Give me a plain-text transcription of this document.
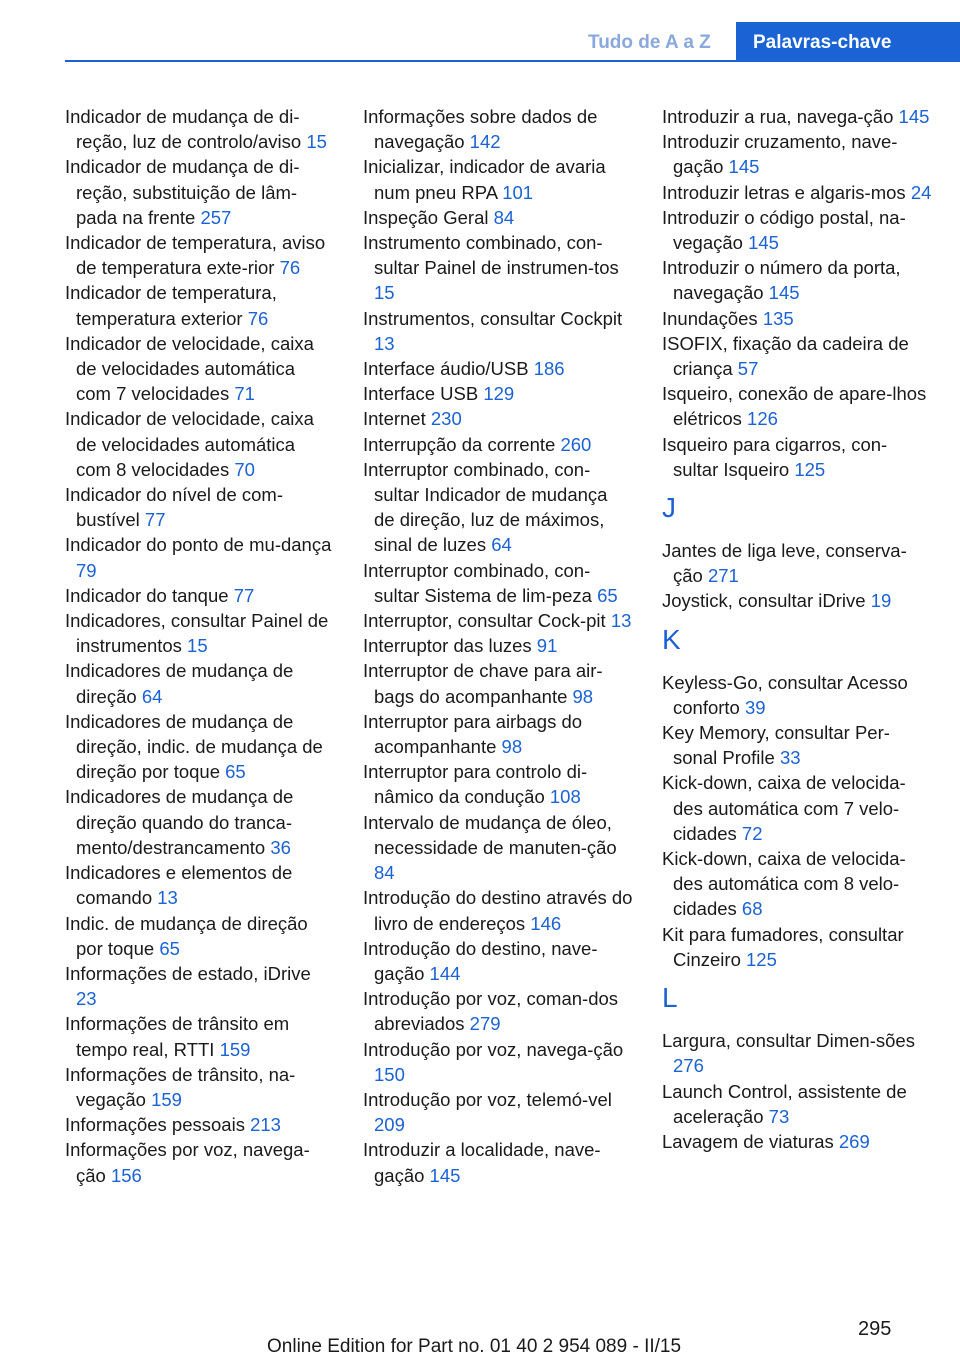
Tudo de A a Z	Palavras-chave
Indicador de mudança de di‐reção, luz de controlo/aviso 15
Indicador de mudança de di‐reção, substituição de lâm‐pada na frente 257
Indicador de temperatura, aviso de temperatura exte‐rior 76
Indicador de temperatura, temperatura exterior 76
Indicador de velocidade, caixa de velocidades automática com 7 velocidades 71
Indicador de velocidade, caixa de velocidades automática com 8 velocidades 70
Indicador do nível de com‐bustível 77
Indicador do ponto de mu‐dança 79
Indicador do tanque 77
Indicadores, consultar Painel de instrumentos 15
Indicadores de mudança de direção 64
Indicadores de mudança de direção, indic. de mudança de direção por toque 65
Indicadores de mudança de direção quando do tranca‐mento/destrancamento 36
Indicadores e elementos de comando 13
Indic. de mudança de direção por toque 65
Informações de estado, iDrive 23
Informações de trânsito em tempo real, RTTI 159
Informações de trânsito, na‐vegação 159
Informações pessoais 213
Informações por voz, navega‐ção 156
Informações sobre dados de navegação 142
Inicializar, indicador de avaria num pneu RPA 101
Inspeção Geral 84
Instrumento combinado, con‐sultar Painel de instrumen‐tos 15
Instrumentos, consultar Cockpit 13
Interface áudio/USB 186
Interface USB 129
Internet 230
Interrupção da corrente 260
Interruptor combinado, con‐sultar Indicador de mudança de direção, luz de máximos, sinal de luzes 64
Interruptor combinado, con‐sultar Sistema de lim‐peza 65
Interruptor, consultar Cock‐pit 13
Interruptor das luzes 91
Interruptor de chave para air‐bags do acompanhante 98
Interruptor para airbags do acompanhante 98
Interruptor para controlo di‐nâmico da condução 108
Intervalo de mudança de óleo, necessidade de manuten‐ção 84
Introdução do destino através do livro de endereços 146
Introdução do destino, nave‐gação 144
Introdução por voz, coman‐dos abreviados 279
Introdução por voz, navega‐ção 150
Introdução por voz, telemó‐vel 209
Introduzir a localidade, nave‐gação 145
Introduzir a rua, navega‐ção 145
Introduzir cruzamento, nave‐gação 145
Introduzir letras e algaris‐mos 24
Introduzir o código postal, na‐vegação 145
Introduzir o número da porta, navegação 145
Inundações 135
ISOFIX, fixação da cadeira de criança 57
Isqueiro, conexão de apare‐lhos elétricos 126
Isqueiro para cigarros, con‐sultar Isqueiro 125
J
Jantes de liga leve, conserva‐ção 271
Joystick, consultar iDrive 19
K
Keyless-Go, consultar Acesso conforto 39
Key Memory, consultar Per‐sonal Profile 33
Kick-down, caixa de velocida‐des automática com 7 velo‐cidades 72
Kick-down, caixa de velocida‐des automática com 8 velo‐cidades 68
Kit para fumadores, consultar Cinzeiro 125
L
Largura, consultar Dimen‐sões 276
Launch Control, assistente de aceleração 73
Lavagem de viaturas 269
295
Online Edition for Part no. 01 40 2 954 089 - II/15
